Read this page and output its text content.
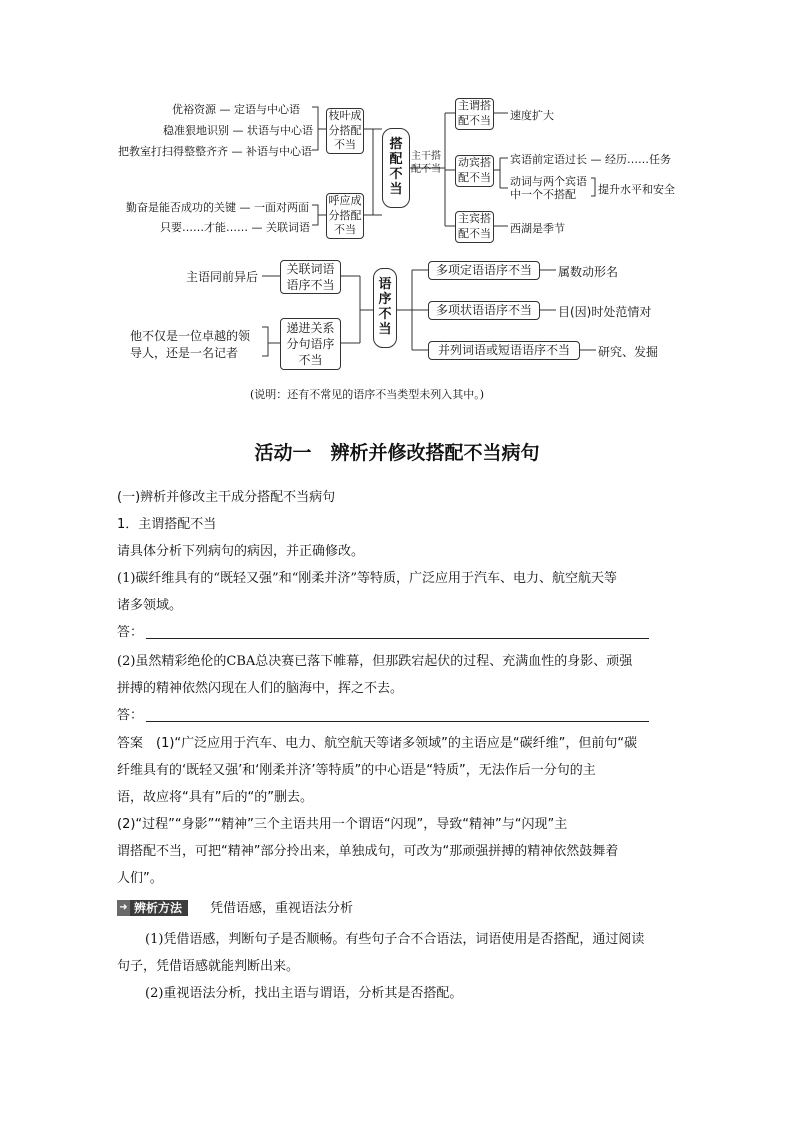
优裕资源 — 定语与中心语
稳准狠地识别 — 状语与中心语
把教室打扫得整整齐齐 — 补语与中心语
勤奋是能否成功的关键 — 一面对两面
只要……才能…… — 关联词语
枝叶成
分搭配
不当
呼应成
分搭配
不当
搭
配
不
当
主干搭
配不当
主谓搭
配不当
动宾搭
配不当
主宾搭
配不当
速度扩大
宾语前定语过长 — 经历……任务
动词与两个宾语
中一个不搭配	提升水平和安全
西湖是季节
主语同前异后
他不仅是一位卓越的领
导人，还是一名记者
关联词语
语序不当
递进关系
分句语序
不当
语
序
不
当
多项定语语序不当
多项状语语序不当
并列词语或短语语序不当
属数动形名
目(因)时处范情对
研究、发掘
(说明：还有不常见的语序不当类型未列入其中。)
活动一　辨析并修改搭配不当病句
(一)辨析并修改主干成分搭配不当病句
1．主谓搭配不当
请具体分析下列病句的病因，并正确修改。
(1)碳纤维具有的“既轻又强”和“刚柔并济”等特质，广泛应用于汽车、电力、航空航天等
诸多领域。
答：
(2)虽然精彩绝伦的CBA总决赛已落下帷幕，但那跌宕起伏的过程、充满血性的身影、顽强
拼搏的精神依然闪现在人们的脑海中，挥之不去。
答：
答案　(1)“广泛应用于汽车、电力、航空航天等诸多领域”的主语应是“碳纤维”，但前句“碳
纤维具有的‘既轻又强’和‘刚柔并济’等特质”的中心语是“特质”，无法作后一分句的主
语，故应将“具有”后的“的”删去。
(2)“过程”“身影”“精神”三个主语共用一个谓语“闪现”，导致“精神”与“闪现”主
谓搭配不当，可把“精神”部分拎出来，单独成句，可改为“那顽强拼搏的精神依然鼓舞着
人们”。
➜ 辨析方法	凭借语感，重视语法分析
(1)凭借语感，判断句子是否顺畅。有些句子合不合语法，词语使用是否搭配，通过阅读
句子，凭借语感就能判断出来。
(2)重视语法分析，找出主语与谓语，分析其是否搭配。
